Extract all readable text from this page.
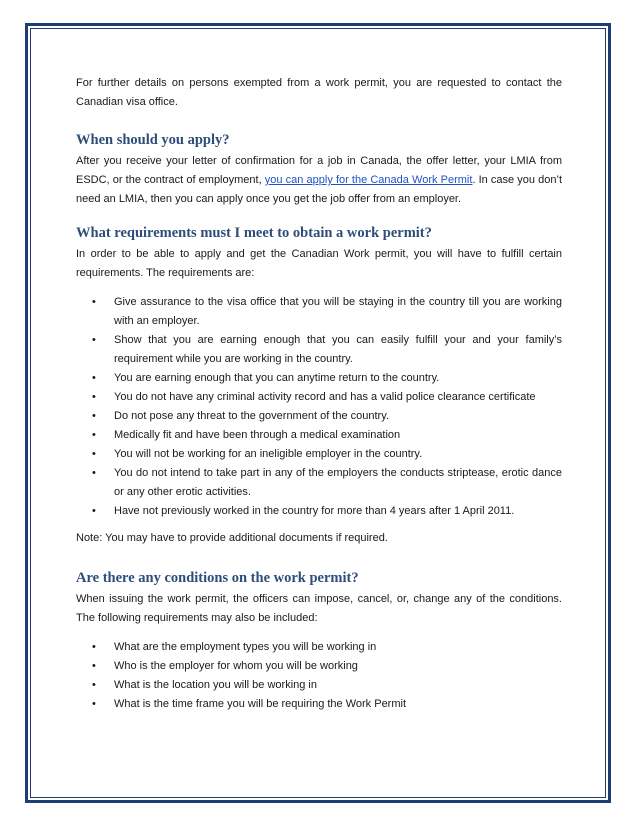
For further details on persons exempted from a work permit, you are requested to contact the Canadian visa office.

When should you apply?

After you receive your letter of confirmation for a job in Canada, the offer letter, your LMIA from ESDC, or the contract of employment, you can apply for the Canada Work Permit. In case you don’t need an LMIA, then you can apply once you get the job offer from an employer.

What requirements must I meet to obtain a work permit?

In order to be able to apply and get the Canadian Work permit, you will have to fulfill certain requirements. The requirements are:

• Give assurance to the visa office that you will be staying in the country till you are working with an employer.
• Show that you are earning enough that you can easily fulfill your and your family’s requirement while you are working in the country.
• You are earning enough that you can anytime return to the country.
• You do not have any criminal activity record and has a valid police clearance certificate
• Do not pose any threat to the government of the country.
• Medically fit and have been through a medical examination
• You will not be working for an ineligible employer in the country.
• You do not intend to take part in any of the employers the conducts striptease, erotic dance or any other erotic activities.
• Have not previously worked in the country for more than 4 years after 1 April 2011.

Note: You may have to provide additional documents if required.

Are there any conditions on the work permit?

When issuing the work permit, the officers can impose, cancel, or, change any of the conditions. The following requirements may also be included:

• What are the employment types you will be working in
• Who is the employer for whom you will be working
• What is the location you will be working in
• What is the time frame you will be requiring the Work Permit
